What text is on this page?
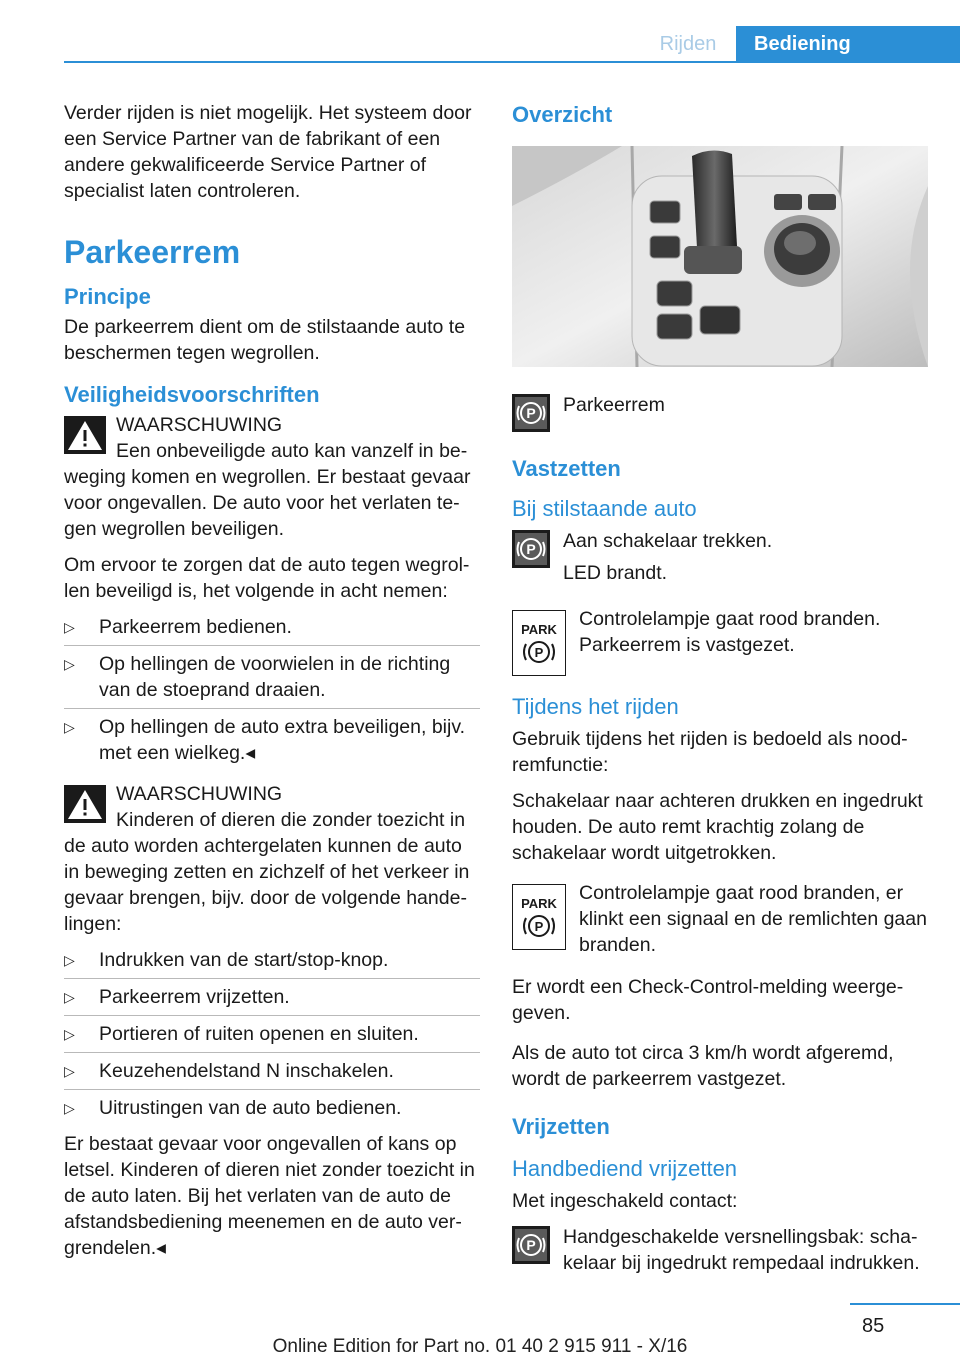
Rijden	Bediening

Verder rijden is niet mogelijk. Het systeem door een Service Partner van de fabrikant of een andere gekwalificeerde Service Partner of specialist laten controleren.

Parkeerrem
Principe

De parkeerrem dient om de stilstaande auto te beschermen tegen wegrollen.

Veiligheidsvoorschriften
WAARSCHUWING
Een onbeveiligde auto kan vanzelf in beweging komen en wegrollen. Er bestaat gevaar voor ongevallen. De auto voor het verlaten tegen wegrollen beveiligen.

Om ervoor te zorgen dat de auto tegen wegrollen beveiligd is, het volgende in acht nemen:

▷ Parkeerrem bedienen.
▷ Op hellingen de voorwielen in de richting van de stoeprand draaien.
▷ Op hellingen de auto extra beveiligen, bijv. met een wielkeg.◂
WAARSCHUWING
Kinderen of dieren die zonder toezicht in de auto worden achtergelaten kunnen de auto in beweging zetten en zichzelf of het verkeer in gevaar brengen, bijv. door de volgende handelingen:
▷ Indrukken van de start/stop-knop.
▷ Parkeerrem vrijzetten.
▷ Portieren of ruiten openen en sluiten.
▷ Keuzehendelstand N inschakelen.
▷ Uitrustingen van de auto bedienen.

Er bestaat gevaar voor ongevallen of kans op letsel. Kinderen of dieren niet zonder toezicht in de auto laten. Bij het verlaten van de auto de afstandsbediening meenemen en de auto vergrendelen.◂

Overzicht
P Parkeerrem

Vastzetten
Bij stilstaande auto
P Aan schakelaar trekken.

LED brandt.

PARK
P

Controlelampje gaat rood branden. Parkeerrem is vastgezet.

Tijdens het rijden

Gebruik tijdens het rijden is bedoeld als noodremfunctie:

Schakelaar naar achteren drukken en ingedrukt houden. De auto remt krachtig zolang de schakelaar wordt uitgetrokken.

PARK
P

Controlelampje gaat rood branden, er klinkt een signaal en de remlichten gaan branden.

Er wordt een Check-Control-melding weergegeven.

Als de auto tot circa 3 km/h wordt afgeremd, wordt de parkeerrem vastgezet.

Vrijzetten
Handbediend vrijzetten

Met ingeschakeld contact:

P Handgeschakelde versnellingsbak: schakelaar bij ingedrukt rempedaal indrukken.

85
Online Edition for Part no. 01 40 2 915 911 - X/16
